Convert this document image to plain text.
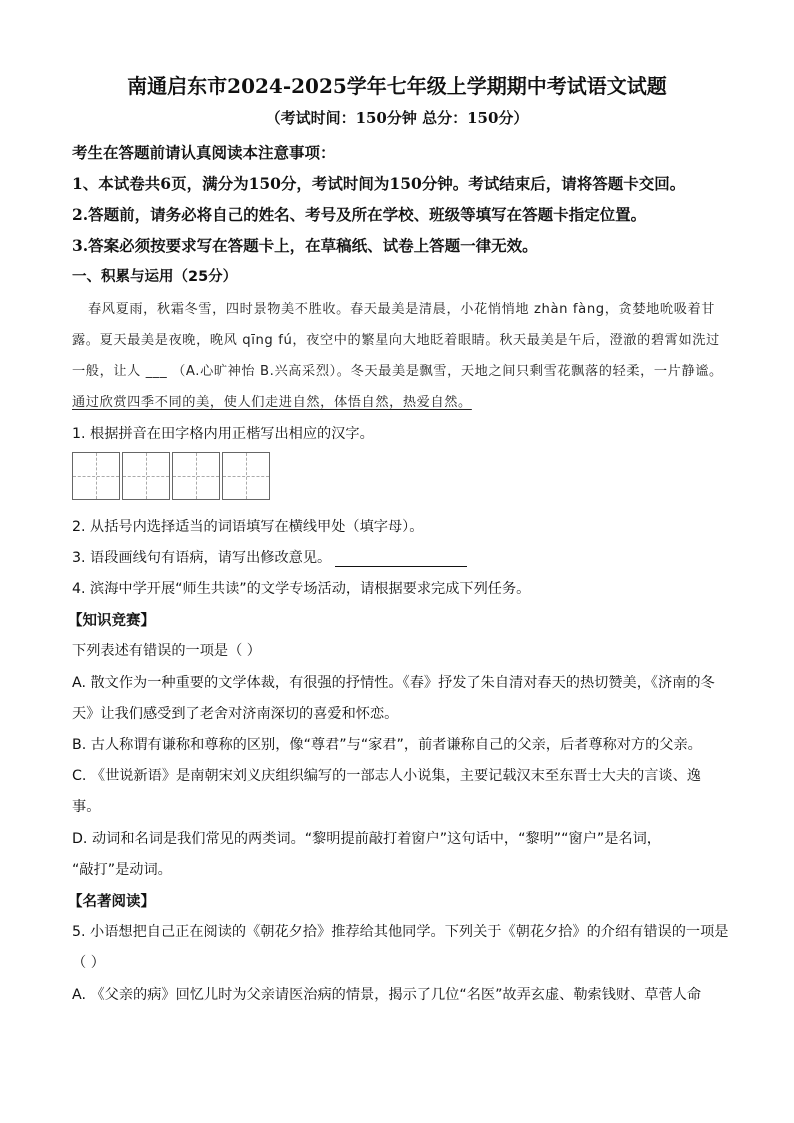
南通启东市2024-2025学年七年级上学期期中考试语文试题
（考试时间：150分钟 总分：150分）
考生在答题前请认真阅读本注意事项：
1、本试卷共6页，满分为150分，考试时间为150分钟。考试结束后，请将答题卡交回。
2.答题前，请务必将自己的姓名、考号及所在学校、班级等填写在答题卡指定位置。
3.答案必须按要求写在答题卡上，在草稿纸、试卷上答题一律无效。
一、积累与运用（25分）
春风夏雨，秋霜冬雪，四时景物美不胜收。春天最美是清晨，小花悄悄地 zhàn fàng，贪婪地吮吸着甘
露。夏天最美是夜晚，晚风 qīng fú，夜空中的繁星向大地眨着眼睛。秋天最美是午后，澄澈的碧霄如洗过
一般，让人 ___ （A.心旷神怡 B.兴高采烈）。冬天最美是飘雪，天地之间只剩雪花飘落的轻柔，一片静谧。
通过欣赏四季不同的美，使人们走进自然，体悟自然，热爱自然。
1. 根据拼音在田字格内用正楷写出相应的汉字。
2. 从括号内选择适当的词语填写在横线甲处（填字母）。
3. 语段画线句有语病，请写出修改意见。
4. 滨海中学开展“师生共读”的文学专场活动，请根据要求完成下列任务。
【知识竞赛】
下列表述有错误的一项是（ ）
A. 散文作为一种重要的文学体裁，有很强的抒情性。《春》抒发了朱自清对春天的热切赞美，《济南的冬
天》让我们感受到了老舍对济南深切的喜爱和怀恋。
B. 古人称谓有谦称和尊称的区别，像“尊君”与“家君”，前者谦称自己的父亲，后者尊称对方的父亲。
C. 《世说新语》是南朝宋刘义庆组织编写的一部志人小说集，主要记载汉末至东晋士大夫的言谈、逸
事。
D. 动词和名词是我们常见的两类词。“黎明提前敲打着窗户”这句话中，“黎明”“窗户”是名词，
“敲打”是动词。
【名著阅读】
5. 小语想把自己正在阅读的《朝花夕拾》推荐给其他同学。下列关于《朝花夕拾》的介绍有错误的一项是
（ ）
A. 《父亲的病》回忆儿时为父亲请医治病的情景，揭示了几位“名医”故弄玄虚、勒索钱财、草菅人命
